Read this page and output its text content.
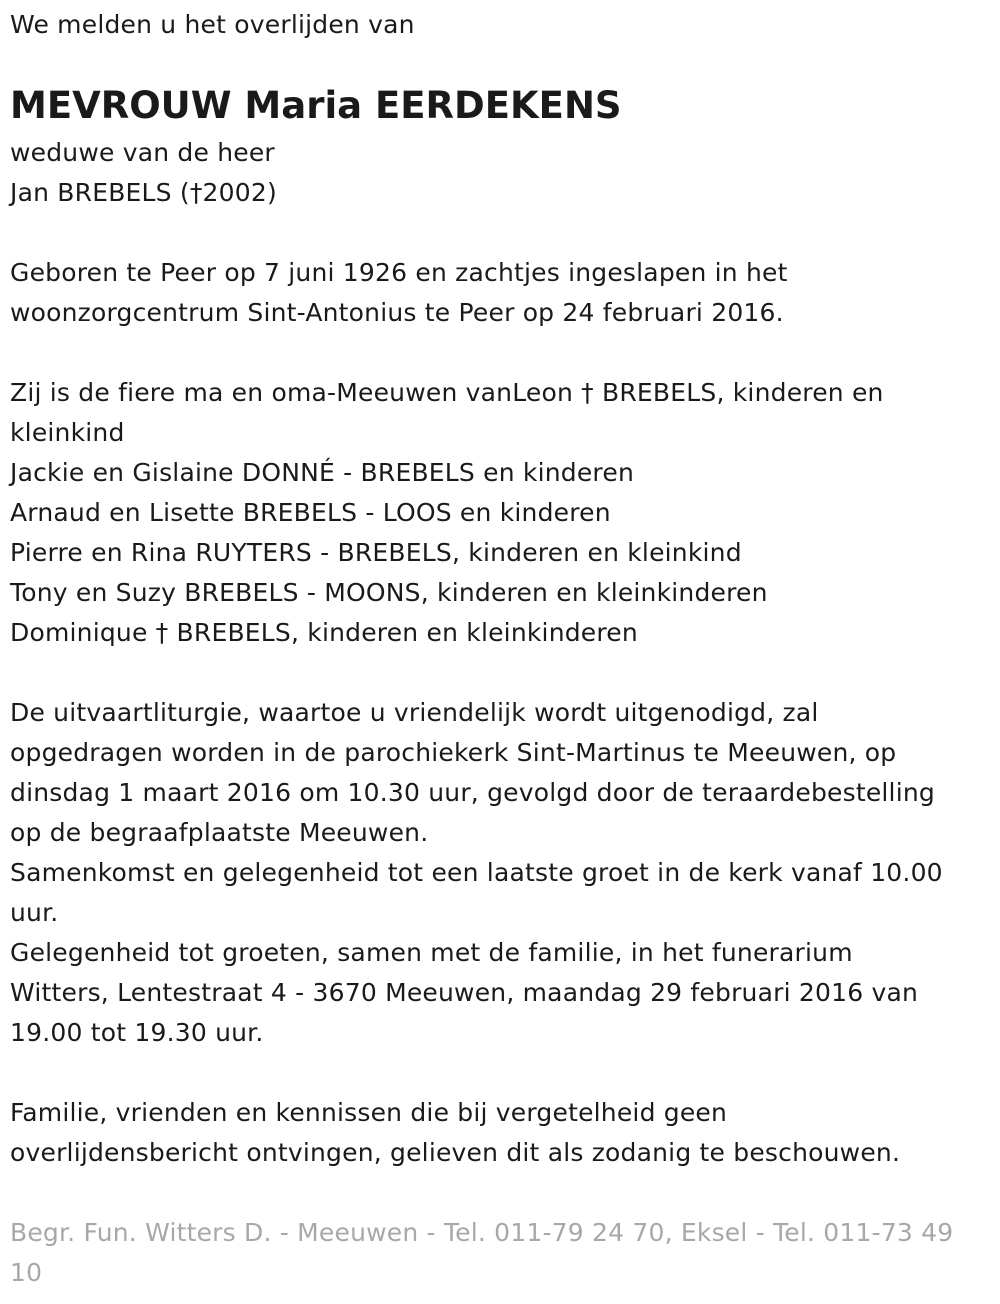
We melden u het overlijden van
MEVROUW Maria EERDEKENS
weduwe van de heer
Jan BREBELS (†2002)
Geboren te Peer op 7 juni 1926 en zachtjes ingeslapen in het
woonzorgcentrum Sint-Antonius te Peer op 24 februari 2016.
Zij is de fiere ma en oma-Meeuwen vanLeon † BREBELS, kinderen en
kleinkind
Jackie en Gislaine DONNÉ - BREBELS en kinderen
Arnaud en Lisette BREBELS - LOOS en kinderen
Pierre en Rina RUYTERS - BREBELS, kinderen en kleinkind
Tony en Suzy BREBELS - MOONS, kinderen en kleinkinderen
Dominique † BREBELS, kinderen en kleinkinderen
De uitvaartliturgie, waartoe u vriendelijk wordt uitgenodigd, zal
opgedragen worden in de parochiekerk Sint-Martinus te Meeuwen, op
dinsdag 1 maart 2016 om 10.30 uur, gevolgd door de teraardebestelling
op de begraafplaatste Meeuwen.
Samenkomst en gelegenheid tot een laatste groet in de kerk vanaf 10.00
uur.
Gelegenheid tot groeten, samen met de familie, in het funerarium
Witters, Lentestraat 4 - 3670 Meeuwen, maandag 29 februari 2016 van
19.00 tot 19.30 uur.
Familie, vrienden en kennissen die bij vergetelheid geen
overlijdensbericht ontvingen, gelieven dit als zodanig te beschouwen.
Begr. Fun. Witters D. - Meeuwen - Tel. 011-79 24 70, Eksel - Tel. 011-73 49
10
